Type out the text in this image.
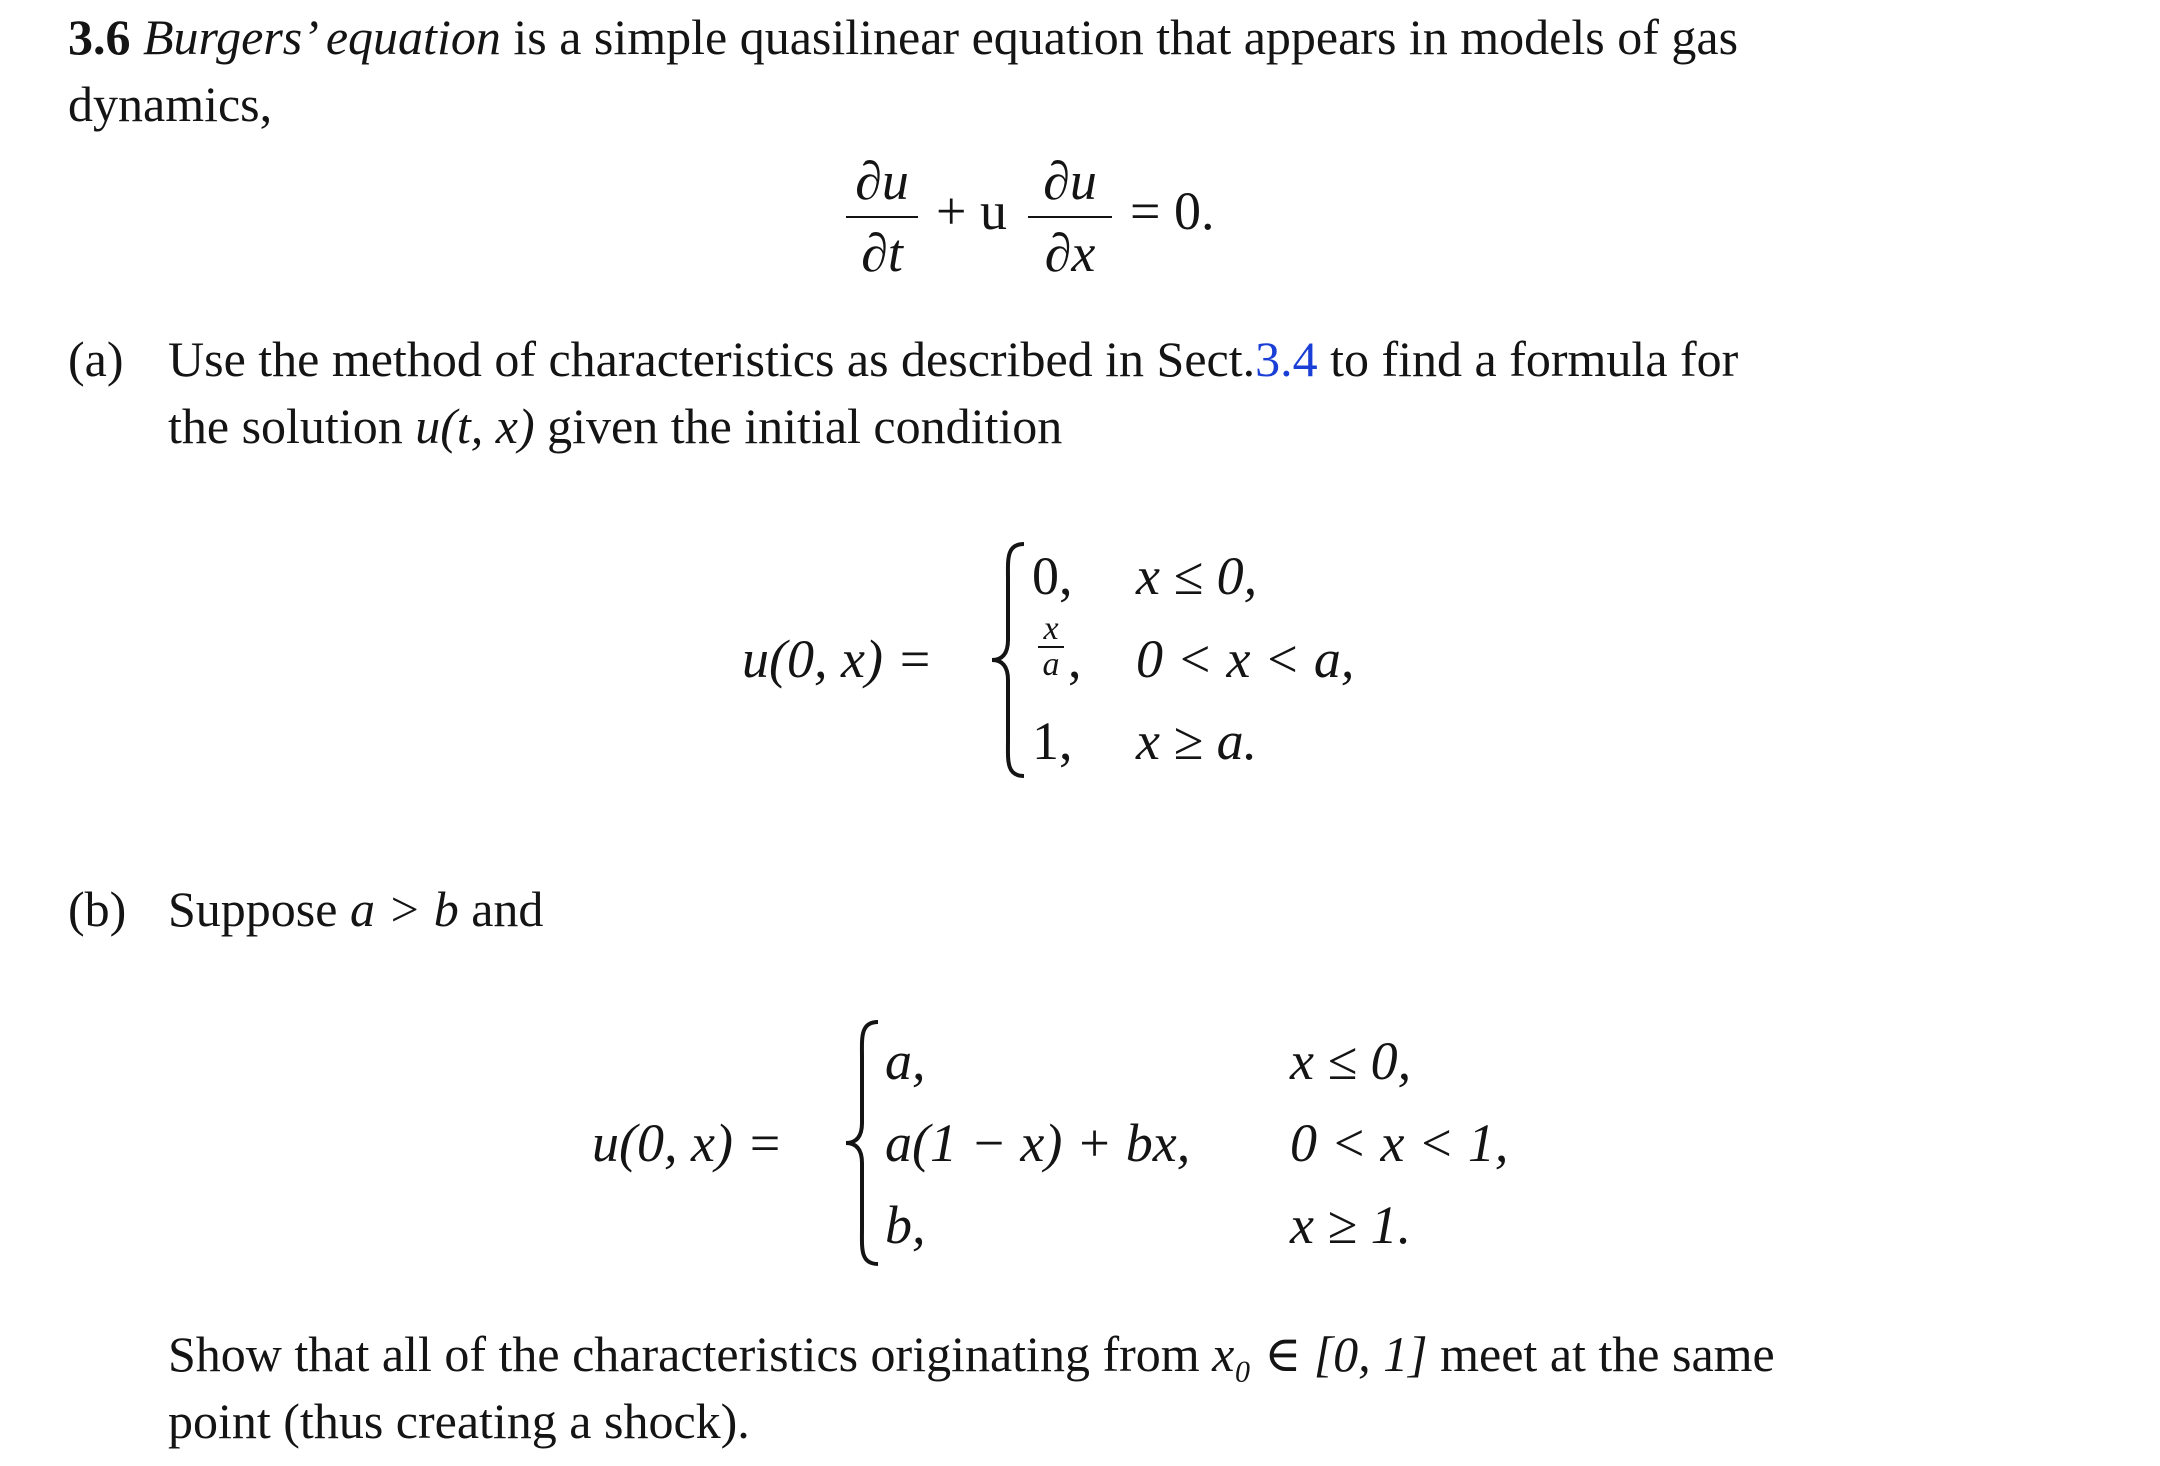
3.6 Burgers’ equation is a simple quasilinear equation that appears in models of gas
dynamics,
∂u
∂t
+ u ∂u
∂x
= 0.
(a) Use the method of characteristics as described in Sect.3.4 to find a formula for
the solution u(t, x) given the initial condition
u(0, x) =
0, x ≤ 0,
x
a , 0 < x < a,
1, x ≥ a.
(b) Suppose a > b and
u(0, x) =
a,	x ≤ 0,
a(1 − x) + bx, 0 < x < 1,
b,	x ≥ 1.
Show that all of the characteristics originating from x₀ ∈ [0, 1] meet at the same
point (thus creating a shock).
